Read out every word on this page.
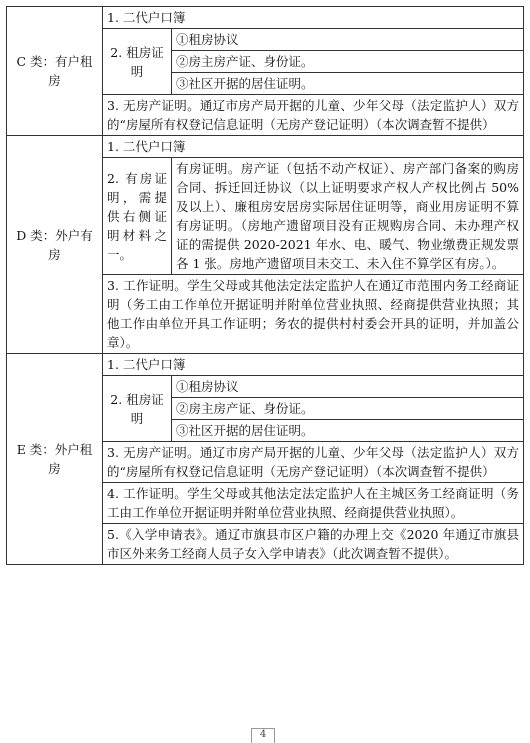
C 类：有户租房	1. 二代户口簿	
	2. 租房证明	①租房协议
		②房主房产证、身份证。
		③社区开据的居住证明。
	3. 无房产证明。通辽市房产局开据的儿童、少年父母（法定监护人）双方的“房屋所有权登记信息证明（无房产登记证明）（本次调查暂不提供）	
D 类：外户有房	1. 二代户口簿	
	2. 有房证明，需提供右侧证明材料之一。	有房证明。房产证（包括不动产权证）、房产部门备案的购房合同、拆迁回迁协议（以上证明要求产权人产权比例占 50%及以上）、廉租房安居房实际居住证明等，商业用房证明不算有房证明。（房地产遗留项目没有正规购房合同、未办理产权证的需提供 2020-2021 年水、电、暖气、物业缴费正规发票各 1 张。房地产遗留项目未交工、未入住不算学区有房。）。
	3. 工作证明。学生父母或其他法定法定监护人在通辽市范围内务工经商证明（务工由工作单位开据证明并附单位营业执照、经商提供营业执照；其他工作由单位开具工作证明；务农的提供村村委会开具的证明，并加盖公章）。	
E 类：外户租房	1. 二代户口簿	
	2. 租房证明	①租房协议
		②房主房产证、身份证。
		③社区开据的居住证明。
	3. 无房产证明。通辽市房产局开据的儿童、少年父母（法定监护人）双方的“房屋所有权登记信息证明（无房产登记证明）（本次调查暂不提供）	
	4. 工作证明。学生父母或其他法定法定监护人在主城区务工经商证明（务工由工作单位开据证明并附单位营业执照、经商提供营业执照）。	
	5.《入学申请表》。通辽市旗县市区户籍的办理上交《2020 年通辽市旗县市区外来务工经商人员子女入学申请表》（此次调查暂不提供）。	
4
